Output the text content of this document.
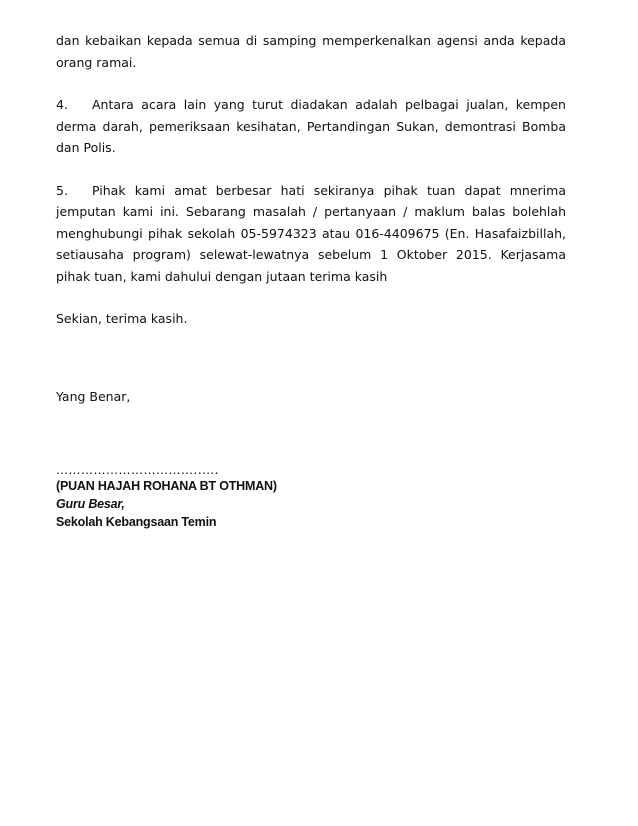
dan kebaikan kepada semua di samping memperkenalkan agensi anda kepada orang ramai.

4. Antara acara lain yang turut diadakan adalah pelbagai jualan, kempen derma darah, pemeriksaan kesihatan, Pertandingan Sukan, demontrasi Bomba dan Polis.

5. Pihak kami amat berbesar hati sekiranya pihak tuan dapat mnerima jemputan kami ini. Sebarang masalah / pertanyaan / maklum balas bolehlah menghubungi pihak sekolah 05-5974323 atau 016-4409675 (En. Hasafaizbillah, setiausaha program) selewat-lewatnya sebelum 1 Oktober 2015. Kerjasama pihak tuan, kami dahului dengan jutaan terima kasih

Sekian, terima kasih.

Yang Benar,

……………………………..….

(PUAN HAJAH ROHANA BT OTHMAN)

Guru Besar,

Sekolah Kebangsaan Temin
